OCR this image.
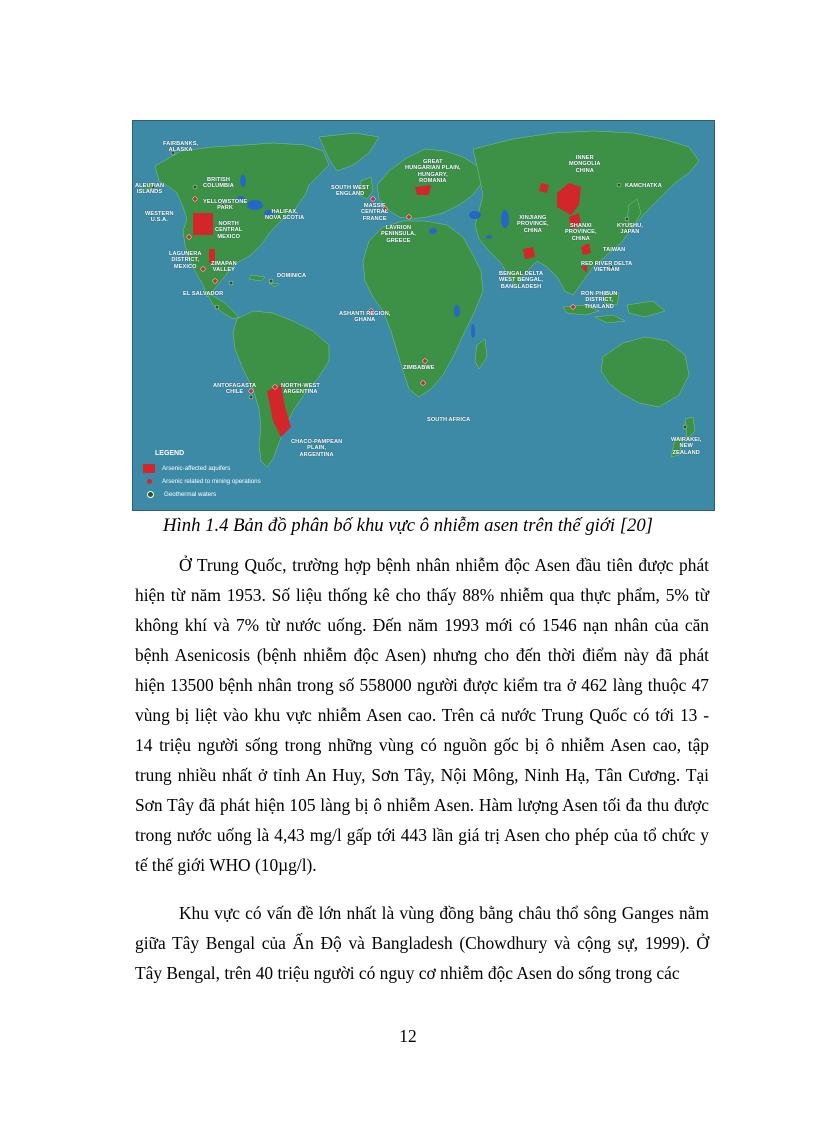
FAIRBANKS,
ALASKA
ALEUTIAN
ISLANDS
BRITISH
COLUMBIA
YELLOWSTONE
PARK
WESTERN
U.S.A.
HALIFAX,
NOVA SCOTIA
NORTH
CENTRAL
MEXICO
LAGUNERA
DISTRICT,
MEXICO	ZIMAPAN
VALLEY
DOMINICA
EL SALVADOR
ANTOFAGASTA
CHILE
NORTH-WEST
ARGENTINA
CHACO-PAMPEAN
PLAIN,
ARGENTINA
SOUTH WEST
ENGLAND
MASSIF
CENTRAL
FRANCE
GREAT
HUNGARIAN PLAIN,
HUNGARY,
ROMANIA
LAVRION
PENINSULA,
GREECE
ASHANTI REGION,
GHANA
ZIMBABWE
SOUTH AFRICA
INNER
MONGOLIA
CHINA
KAMCHATKA
XINJIANG
PROVINCE,
CHINA
SHANXI
PROVINCE,
CHINA
KYUSHU,
JAPAN
TAIWAN
BENGAL DELTA
WEST BENGAL,
BANGLADESH
RED RIVER DELTA
VIETNAM
RON PHIBUN
DISTRICT,
THAILAND
WAIRAKEI,
NEW
ZEALAND
LEGEND
Arsenic-affected aquifers
Arsenic related to mining operations
Geothermal waters
Hình 1.4 Bản đồ phân bố khu vực ô nhiễm asen trên thế giới [20]
Ở Trung Quốc, trường hợp bệnh nhân nhiễm độc Asen đầu tiên được phát
hiện từ năm 1953. Số liệu thống kê cho thấy 88% nhiễm qua thực phẩm, 5% từ
không khí và 7% từ nước uống. Đến năm 1993 mới có 1546 nạn nhân của căn
bệnh Asenicosis (bệnh nhiễm độc Asen) nhưng cho đến thời điểm này đã phát
hiện 13500 bệnh nhân trong số 558000 người được kiểm tra ở 462 làng thuộc 47
vùng bị liệt vào khu vực nhiễm Asen cao. Trên cả nước Trung Quốc có tới 13 -
14 triệu người sống trong những vùng có nguồn gốc bị ô nhiễm Asen cao, tập
trung nhiều nhất ở tỉnh An Huy, Sơn Tây, Nội Mông, Ninh Hạ, Tân Cương. Tại
Sơn Tây đã phát hiện 105 làng bị ô nhiễm Asen. Hàm lượng Asen tối đa thu được
trong nước uống là 4,43 mg/l gấp tới 443 lần giá trị Asen cho phép của tổ chức y
tế thế giới WHO (10µg/l).
Khu vực có vấn đề lớn nhất là vùng đồng bằng châu thổ sông Ganges nằm
giữa Tây Bengal của Ấn Độ và Bangladesh (Chowdhury và cộng sự, 1999). Ở
Tây Bengal, trên 40 triệu người có nguy cơ nhiễm độc Asen do sống trong các
12
